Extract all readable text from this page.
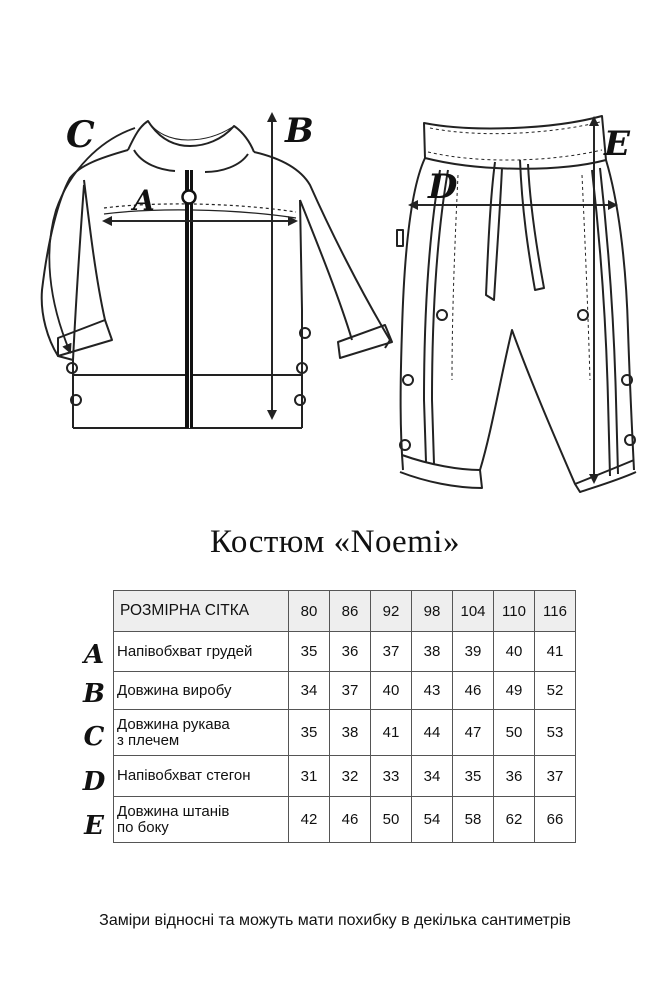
C	B
A
E
D
Костюм «Noemi»
A
B
C
D
E
РОЗМІРНА СІТКА	80	86	92	98	104	110	116
Напівобхват грудей	35	36	37	38	39	40	41
Довжина виробу	34	37	40	43	46	49	52
Довжина рукава
з плечем	35	38	41	44	47	50	53
Напівобхват стегон	31	32	33	34	35	36	37
Довжина штанів
по боку	42	46	50	54	58	62	66
Заміри відносні та можуть мати похибку в декілька сантиметрів
